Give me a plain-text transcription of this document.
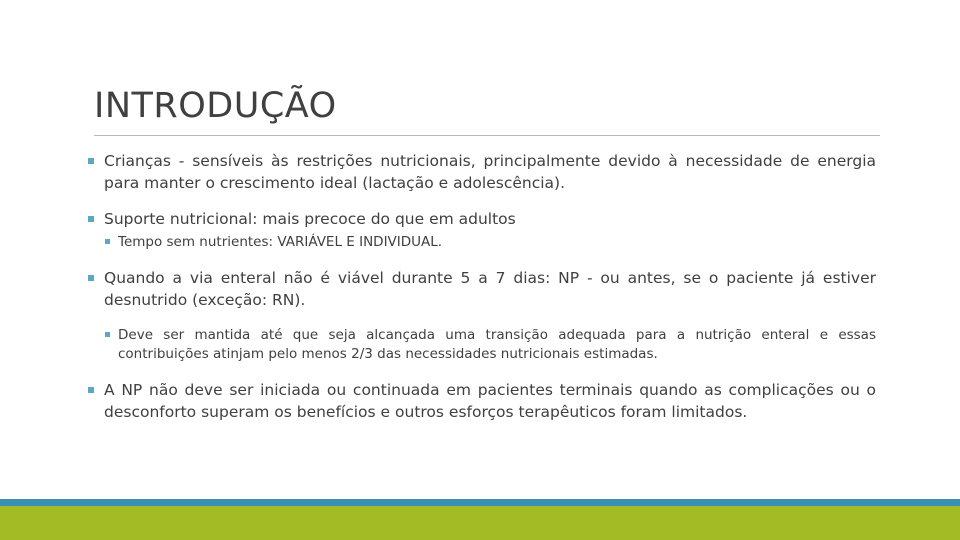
INTRODUÇÃO

Crianças - sensíveis às restrições nutricionais, principalmente devido à necessidade de energia para manter o crescimento ideal (lactação e adolescência).

Suporte nutricional: mais precoce do que em adultos

Tempo sem nutrientes: VARIÁVEL E INDIVIDUAL.

Quando a via enteral não é viável durante 5 a 7 dias: NP - ou antes, se o paciente já estiver desnutrido (exceção: RN).

Deve ser mantida até que seja alcançada uma transição adequada para a nutrição enteral e essas contribuições atinjam pelo menos 2/3 das necessidades nutricionais estimadas.

A NP não deve ser iniciada ou continuada em pacientes terminais quando as complicações ou o desconforto superam os benefícios e outros esforços terapêuticos foram limitados.
